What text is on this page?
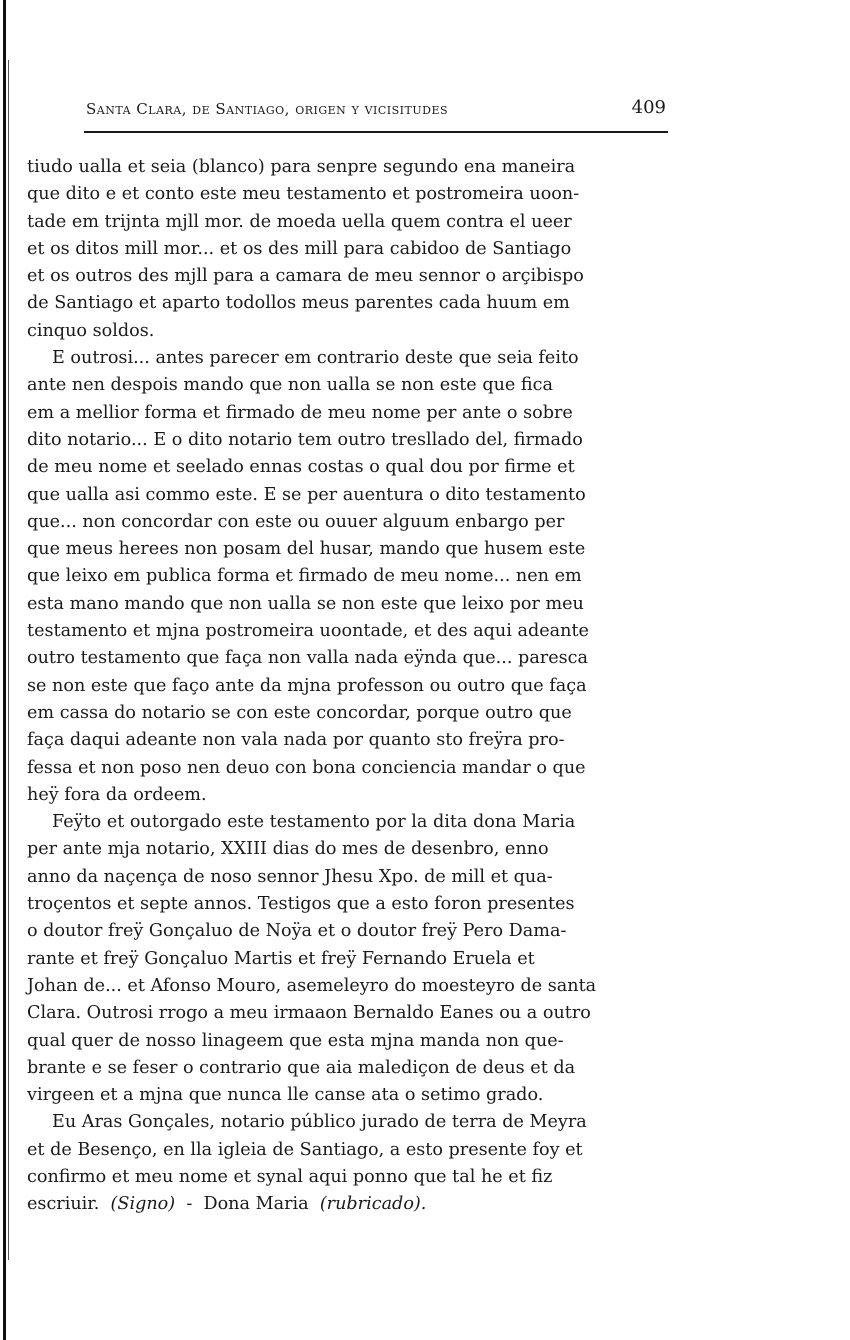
Santa Clara, de Santiago, origen y vicisitudes	409
tiudo ualla et seia (blanco) para senpre segundo ena maneira
que dito e et conto este meu testamento et postromeira uoon-
tade em trijnta mjll mor. de moeda uella quem contra el ueer
et os ditos mill mor... et os des mill para cabidoo de Santiago
et os outros des mjll para a camara de meu sennor o arçibispo
de Santiago et aparto todollos meus parentes cada huum em
cinquo soldos.
E outrosi... antes parecer em contrario deste que seia feito
ante nen despois mando que non ualla se non este que fica
em a mellior forma et firmado de meu nome per ante o sobre
dito notario... E o dito notario tem outro tresllado del, firmado
de meu nome et seelado ennas costas o qual dou por firme et
que ualla asi commo este. E se per auentura o dito testamento
que... non concordar con este ou ouuer alguum enbargo per
que meus herees non posam del husar, mando que husem este
que leixo em publica forma et firmado de meu nome... nen em
esta mano mando que non ualla se non este que leixo por meu
testamento et mjna postromeira uoontade, et des aqui adeante
outro testamento que faça non valla nada eÿnda que... paresca
se non este que faço ante da mjna professon ou outro que faça
em cassa do notario se con este concordar, porque outro que
faça daqui adeante non vala nada por quanto sto freÿra pro-
fessa et non poso nen deuo con bona conciencia mandar o que
heÿ fora da ordeem.
Feÿto et outorgado este testamento por la dita dona Maria
per ante mja notario, XXIII dias do mes de desenbro, enno
anno da naçença de noso sennor Jhesu Xpo. de mill et qua-
troçentos et septe annos. Testigos que a esto foron presentes
o doutor freÿ Gonçaluo de Noÿa et o doutor freÿ Pero Dama-
rante et freÿ Gonçaluo Martis et freÿ Fernando Eruela et
Johan de... et Afonso Mouro, asemeleyro do moesteyro de santa
Clara. Outrosi rrogo a meu irmaaon Bernaldo Eanes ou a outro
qual quer de nosso linageem que esta mjna manda non que-
brante e se feser o contrario que aia malediçon de deus et da
virgeen et a mjna que nunca lle canse ata o setimo grado.
Eu Aras Gonçales, notario público jurado de terra de Meyra
et de Besenço, en lla igleia de Santiago, a esto presente foy et
confirmo et meu nome et synal aqui ponno que tal he et fiz
escriuir. (Signo) - Dona Maria (rubricado).
